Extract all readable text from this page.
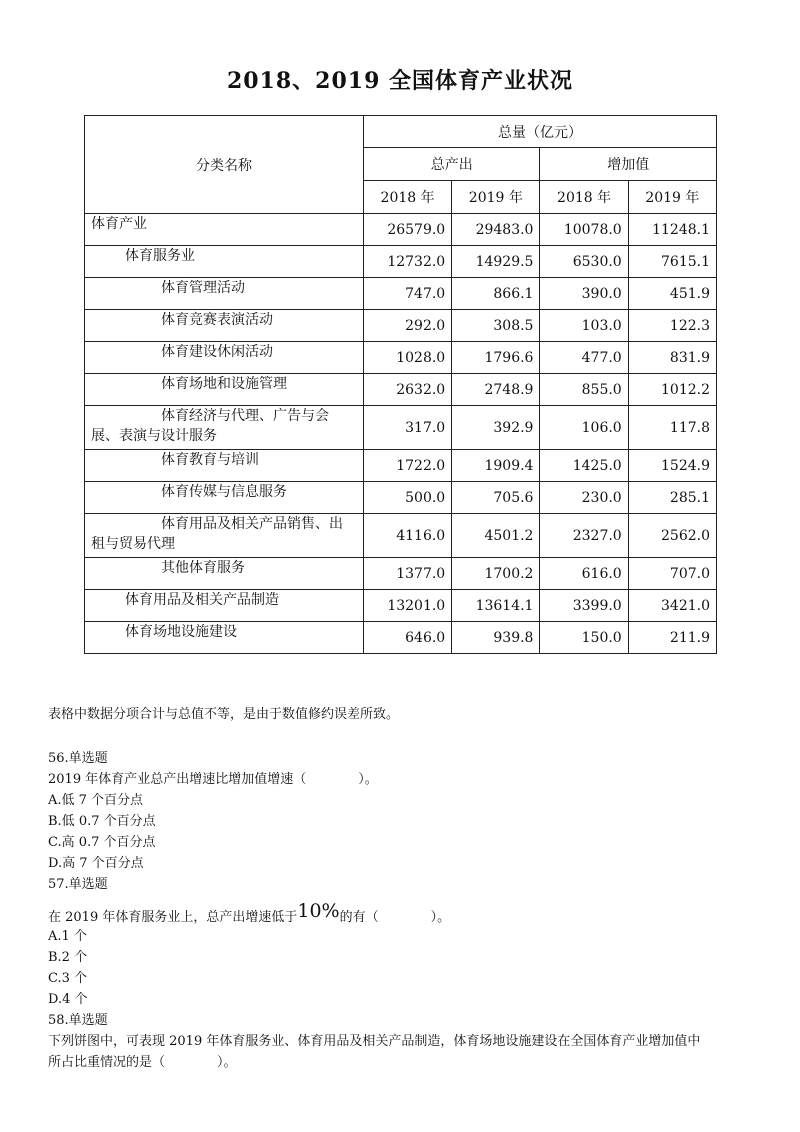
2018、2019 全国体育产业状况
分类名称	总量（亿元）			
	总产出		增加值	
	2018 年	2019 年	2018 年	2019 年
体育产业	26579.0	29483.0	10078.0	11248.1
体育服务业	12732.0	14929.5	6530.0	7615.1
体育管理活动	747.0	866.1	390.0	451.9
体育竞赛表演活动	292.0	308.5	103.0	122.3
体育建设休闲活动	1028.0	1796.6	477.0	831.9
体育场地和设施管理	2632.0	2748.9	855.0	1012.2
体育经济与代理、广告与会展、表演与设计服务	317.0	392.9	106.0	117.8
体育教育与培训	1722.0	1909.4	1425.0	1524.9
体育传媒与信息服务	500.0	705.6	230.0	285.1
体育用品及相关产品销售、出租与贸易代理	4116.0	4501.2	2327.0	2562.0
其他体育服务	1377.0	1700.2	616.0	707.0
体育用品及相关产品制造	13201.0	13614.1	3399.0	3421.0
体育场地设施建设	646.0	939.8	150.0	211.9
表格中数据分项合计与总值不等，是由于数值修约误差所致。
56.单选题
2019 年体育产业总产出增速比增加值增速（　　　　）。
A.低 7 个百分点
B.低 0.7 个百分点
C.高 0.7 个百分点
D.高 7 个百分点
57.单选题
在 2019 年体育服务业上，总产出增速低于10%的有（　　　　）。
A.1 个
B.2 个
C.3 个
D.4 个
58.单选题
下列饼图中，可表现 2019 年体育服务业、体育用品及相关产品制造，体育场地设施建设在全国体育产业增加值中
所占比重情况的是（　　　　）。
